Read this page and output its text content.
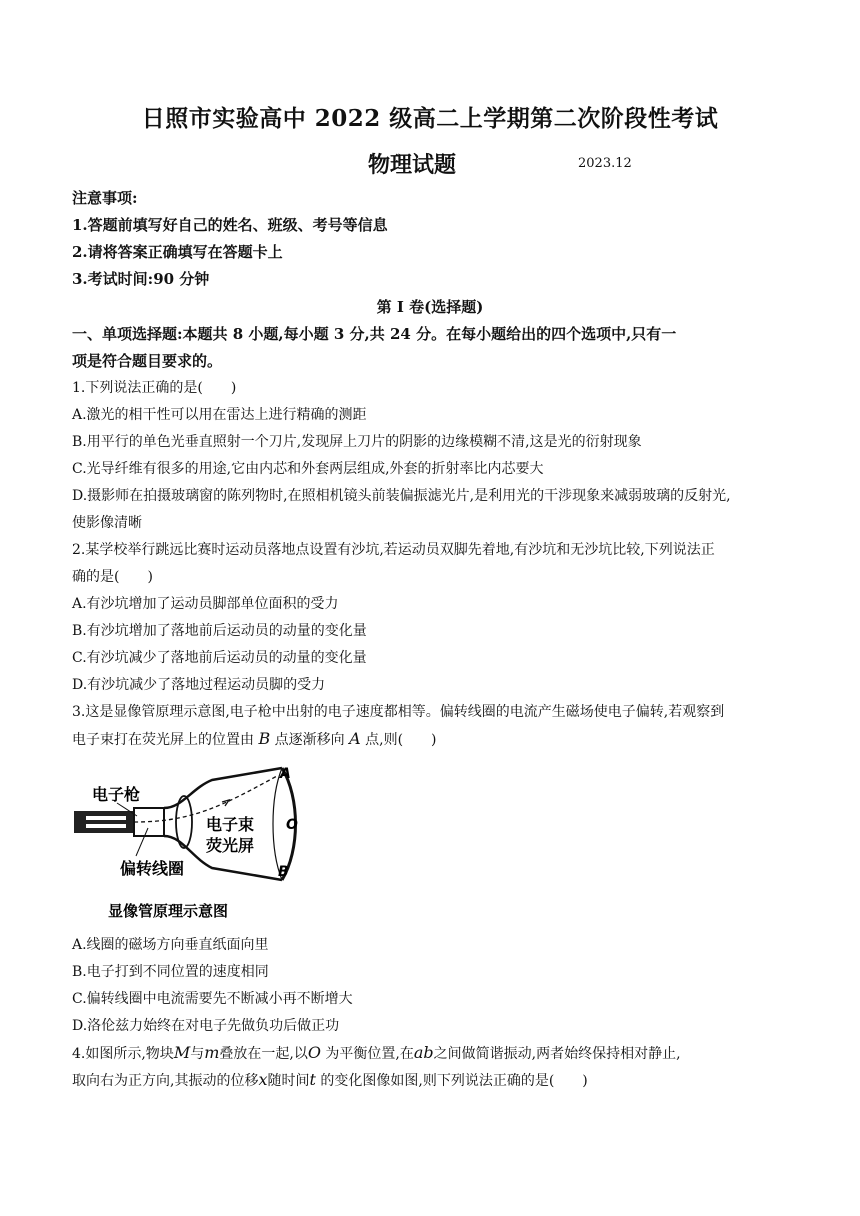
日照市实验高中 2022 级高二上学期第二次阶段性考试
物理试题	2023.12
注意事项:
1.答题前填写好自己的姓名、班级、考号等信息
2.请将答案正确填写在答题卡上
3.考试时间:90 分钟
第 I 卷(选择题)
一、单项选择题:本题共 8 小题,每小题 3 分,共 24 分。在每小题给出的四个选项中,只有一
项是符合题目要求的。
1.下列说法正确的是(　　)
A.激光的相干性可以用在雷达上进行精确的测距
B.用平行的单色光垂直照射一个刀片,发现屏上刀片的阴影的边缘模糊不清,这是光的衍射现象
C.光导纤维有很多的用途,它由内芯和外套两层组成,外套的折射率比内芯要大
D.摄影师在拍摄玻璃窗的陈列物时,在照相机镜头前装偏振滤光片,是利用光的干涉现象来减弱玻璃的反射光,
使影像清晰
2.某学校举行跳远比赛时运动员落地点设置有沙坑,若运动员双脚先着地,有沙坑和无沙坑比较,下列说法正
确的是(　　)
A.有沙坑增加了运动员脚部单位面积的受力
B.有沙坑增加了落地前后运动员的动量的变化量
C.有沙坑减少了落地前后运动员的动量的变化量
D.有沙坑减少了落地过程运动员脚的受力
3.这是显像管原理示意图,电子枪中出射的电子速度都相等。偏转线圈的电流产生磁场使电子偏转,若观察到
电子束打在荧光屏上的位置由 B 点逐渐移向 A 点,则(　　)
电子枪
电子束
荧光屏
偏转线圈
A
O
B
显像管原理示意图
A.线圈的磁场方向垂直纸面向里
B.电子打到不同位置的速度相同
C.偏转线圈中电流需要先不断减小再不断增大
D.洛伦兹力始终在对电子先做负功后做正功
4.如图所示,物块M与m叠放在一起,以O 为平衡位置,在ab之间做简谐振动,两者始终保持相对静止,
取向右为正方向,其振动的位移x随时间t 的变化图像如图,则下列说法正确的是(　　)
